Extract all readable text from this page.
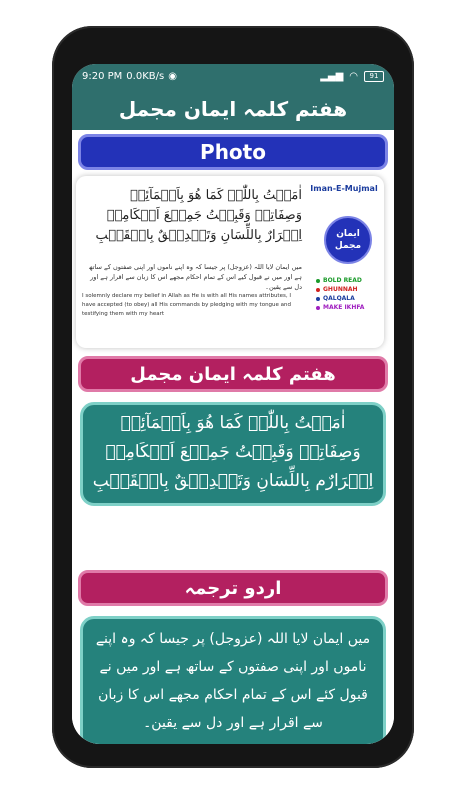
9:20 PM 0.0KB/s ◉	▂▄▆ ◠	91
ھفتم کلمہ ایمان مجمل
Photo
اٰمَنۡتُ بِاللّٰہِ کَمَا ھُوَ بِاَسۡمَآئِہٖ وَصِفَاتِہٖ وَقَبِلۡتُ جَمِیۡعَ اَحۡکَامِہٖ اِقۡرَارٌ بِاللِّسَانِ وَتَصۡدِیۡقٌ بِالۡقَلۡبِ
میں ایمان لایا اللہ (عزوجل) پر جیسا کہ وہ اپنے ناموں اور اپنی صفتوں کے ساتھ ہے اور میں نے قبول کیے اس کے تمام احکام مجھے اس کا زبان سے اقرار ہے اور دل سے یقین۔
I solemnly declare my belief in Allah as He is with all His names attributes, I have accepted (to obey) all His commands by pledging with my tongue and testifying them with my heart
Iman-E-Mujmal
ایمان مجمل
BOLD READ
GHUNNAH
QALQALA
MAKE IKHFA
ھفتم کلمہ ایمان مجمل
اٰمَنۡتُ بِاللّٰہِ کَمَا ھُوَ بِاَسۡمَآئِہٖ وَصِفَاتِہٖ وَقَبِلۡتُ جَمِیۡعَ اَحۡکَامِہٖ اِقۡرَارٌم بِاللِّسَانِ وَتَصۡدِیۡقٌ بِالۡقَلۡبِ
اردو ترجمہ
میں ایمان لایا اللہ (عزوجل) پر جیسا کہ وہ اپنے ناموں اور اپنی صفتوں کے ساتھ ہے اور میں نے قبول کئے اس کے تمام احکام مجھے اس کا زبان سے اقرار ہے اور دل سے یقین۔
